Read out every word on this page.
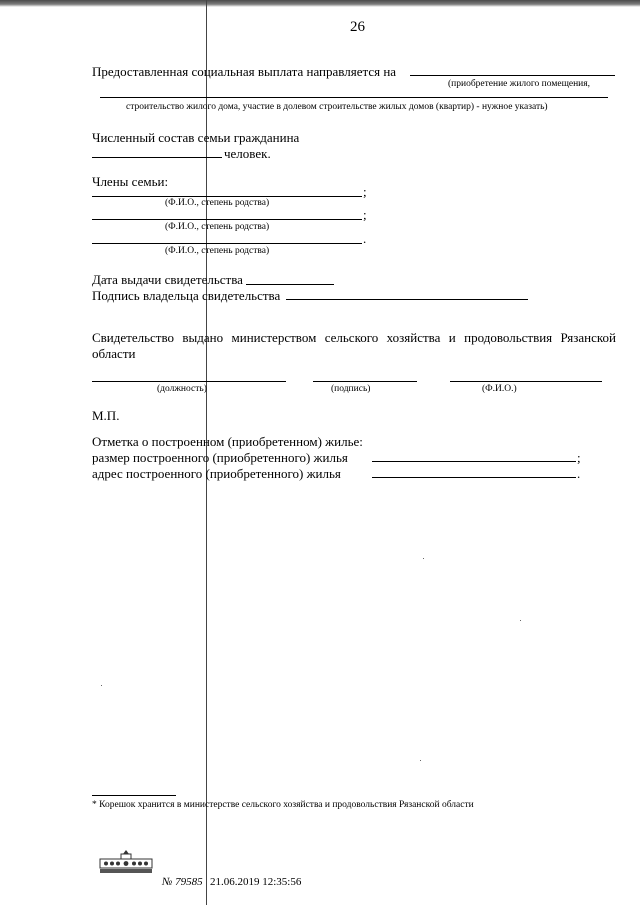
26
Предоставленная социальная выплата направляется на
(приобретение жилого помещения,
строительство жилого дома, участие в долевом строительстве жилых домов (квартир) - нужное указать)
Численный состав семьи гражданина
человек.
Члены семьи:
;
(Ф.И.О., степень родства)
;
(Ф.И.О., степень родства)
.
(Ф.И.О., степень родства)
Дата выдачи свидетельства
Подпись владельца свидетельства
Свидетельство выдано министерством сельского хозяйства и продовольствия Рязанской
области
(должность)	(подпись)	(Ф.И.О.)
М.П.
Отметка о построенном (приобретенном) жилье:
размер построенного (приобретенного) жилья	;
адрес построенного (приобретенного) жилья	.
* Корешок хранится в министерстве сельского хозяйства и продовольствия Рязанской области
№ 79585 21.06.2019 12:35:56
